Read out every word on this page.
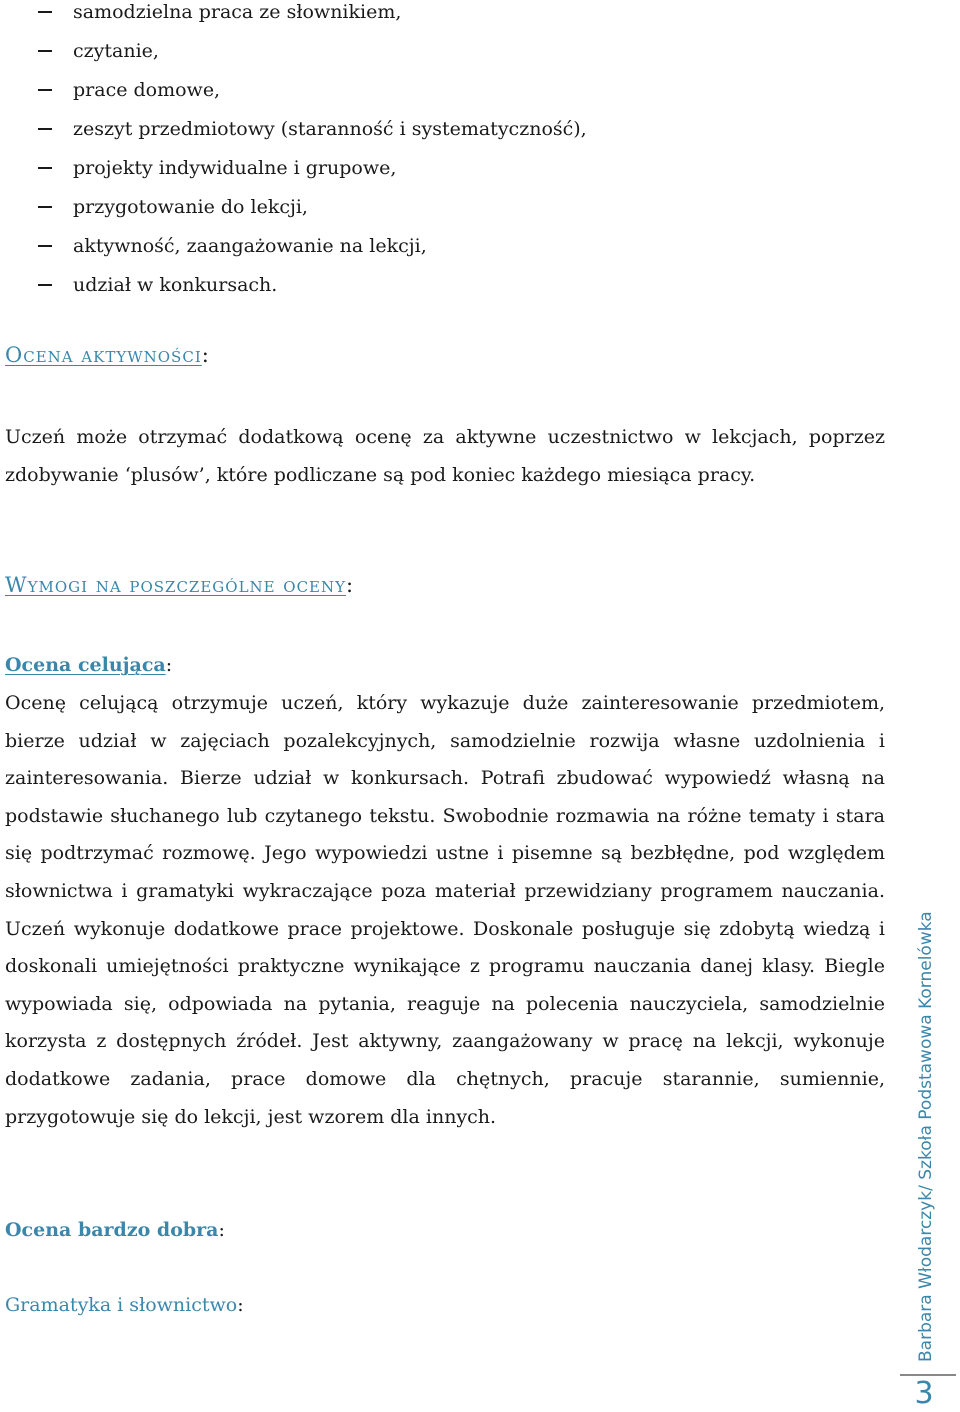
samodzielna praca ze słownikiem,
czytanie,
prace domowe,
zeszyt przedmiotowy (staranność i systematyczność),
projekty indywidualne i grupowe,
przygotowanie do lekcji,
aktywność, zaangażowanie na lekcji,
udział w konkursach.
Ocena aktywności:

Uczeń może otrzymać dodatkową ocenę za aktywne uczestnictwo w lekcjach, poprzez zdobywanie ‘plusów’, które podliczane są pod koniec każdego miesiąca pracy.

Wymogi na poszczególne oceny:
Ocena celująca:

Ocenę celującą otrzymuje uczeń, który wykazuje duże zainteresowanie przedmiotem, bierze udział w zajęciach pozalekcyjnych, samodzielnie rozwija własne uzdolnienia i zainteresowania. Bierze udział w konkursach. Potrafi zbudować wypowiedź własną na podstawie słuchanego lub czytanego tekstu. Swobodnie rozmawia na różne tematy i stara się podtrzymać rozmowę. Jego wypowiedzi ustne i pisemne są bezbłędne, pod względem słownictwa i gramatyki wykraczające poza materiał przewidziany programem nauczania. Uczeń wykonuje dodatkowe prace projektowe. Doskonale posługuje się zdobytą wiedzą i doskonali umiejętności praktyczne wynikające z programu nauczania danej klasy. Biegle wypowiada się, odpowiada na pytania, reaguje na polecenia nauczyciela, samodzielnie korzysta z dostępnych źródeł. Jest aktywny, zaangażowany w pracę na lekcji, wykonuje dodatkowe zadania, prace domowe dla chętnych, pracuje starannie, sumiennie, przygotowuje się do lekcji, jest wzorem dla innych.

Ocena bardzo dobra:
Gramatyka i słownictwo:	Barbara Włodarczyk/ Szkoła Podstawowa Kornelówka
3
